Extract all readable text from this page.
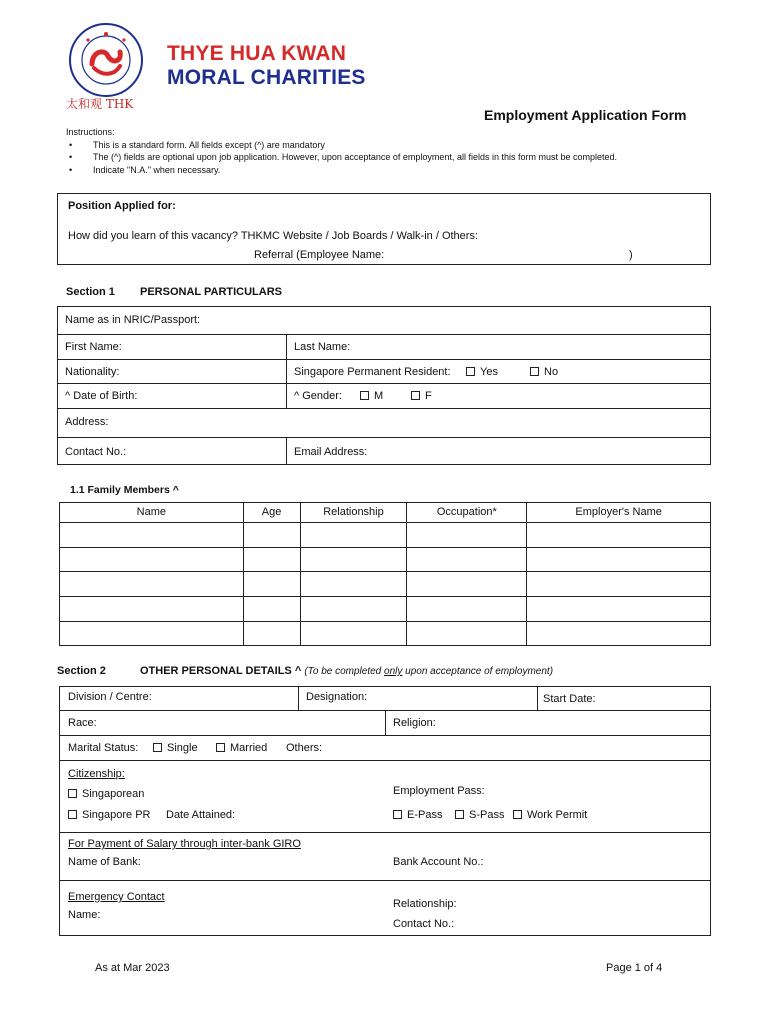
THYE HUA KWAN
MORAL CHARITIES
太和观 THK
Employment Application Form
Instructions:
• This is a standard form. All fields except (^) are mandatory
• The (^) fields are optional upon job application. However, upon acceptance of employment, all fields in this form must be completed.
• Indicate "N.A." when necessary.
Position Applied for:
How did you learn of this vacancy? THKMC Website / Job Boards / Walk-in / Others:
Referral (Employee Name:	)
Section 1 PERSONAL PARTICULARS
Name as in NRIC/Passport:
First Name:	Last Name:
Nationality:	Singapore Permanent Resident:	Yes	No
^ Date of Birth:	^ Gender:	M	F
Address:
Contact No.:	Email Address:
1.1 Family Members ^
Name	Age	Relationship	Occupation*	Employer's Name

Section 2	OTHER PERSONAL DETAILS ^ (To be completed only upon acceptance of employment)
Division / Centre:	Designation:	Start Date:
Race:	Religion:
Marital Status:	Single	Married Others:
Citizenship:
Singaporean	Employment Pass:
Singapore PR Date Attained:	E-Pass	S-Pass	Work Permit
For Payment of Salary through inter-bank GIRO
Name of Bank:	Bank Account No.:
Emergency Contact
Name:
Relationship:
Contact No.:
As at Mar 2023	Page 1 of 4
